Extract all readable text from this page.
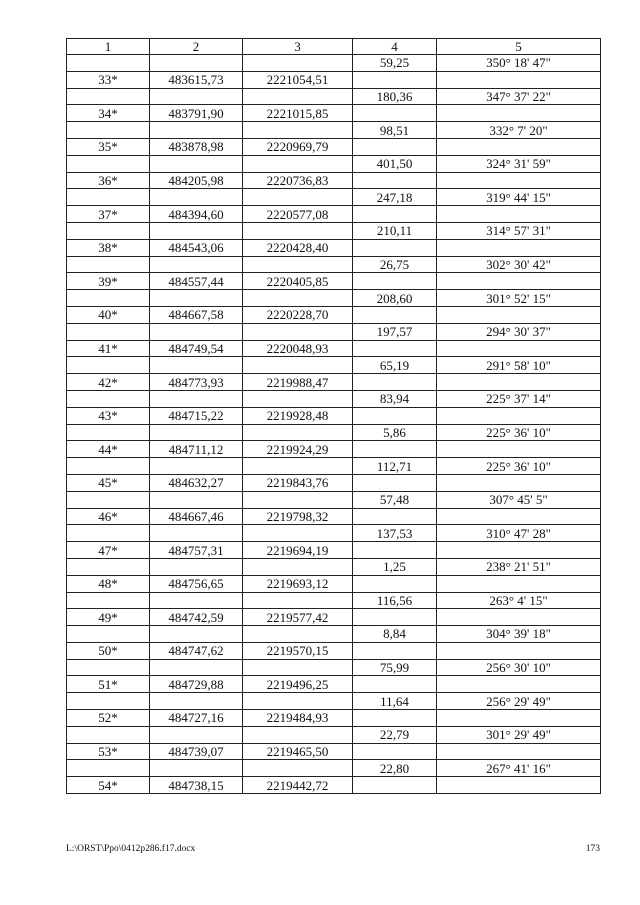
1	2	3	4	5
			59,25	350° 18' 47"
33*	483615,73	2221054,51		
			180,36	347° 37' 22"
34*	483791,90	2221015,85		
			98,51	332° 7' 20"
35*	483878,98	2220969,79		
			401,50	324° 31' 59"
36*	484205,98	2220736,83		
			247,18	319° 44' 15"
37*	484394,60	2220577,08		
			210,11	314° 57' 31"
38*	484543,06	2220428,40		
			26,75	302° 30' 42"
39*	484557,44	2220405,85		
			208,60	301° 52' 15"
40*	484667,58	2220228,70		
			197,57	294° 30' 37"
41*	484749,54	2220048,93		
			65,19	291° 58' 10"
42*	484773,93	2219988,47		
			83,94	225° 37' 14"
43*	484715,22	2219928,48		
			5,86	225° 36' 10"
44*	484711,12	2219924,29		
			112,71	225° 36' 10"
45*	484632,27	2219843,76		
			57,48	307° 45' 5"
46*	484667,46	2219798,32		
			137,53	310° 47' 28"
47*	484757,31	2219694,19		
			1,25	238° 21' 51"
48*	484756,65	2219693,12		
			116,56	263° 4' 15"
49*	484742,59	2219577,42		
			8,84	304° 39' 18"
50*	484747,62	2219570,15		
			75,99	256° 30' 10"
51*	484729,88	2219496,25		
			11,64	256° 29' 49"
52*	484727,16	2219484,93		
			22,79	301° 29' 49"
53*	484739,07	2219465,50		
			22,80	267° 41' 16"
54*	484738,15	2219442,72		
L:\ORST\Ppo\0412p286.f17.docx	173
